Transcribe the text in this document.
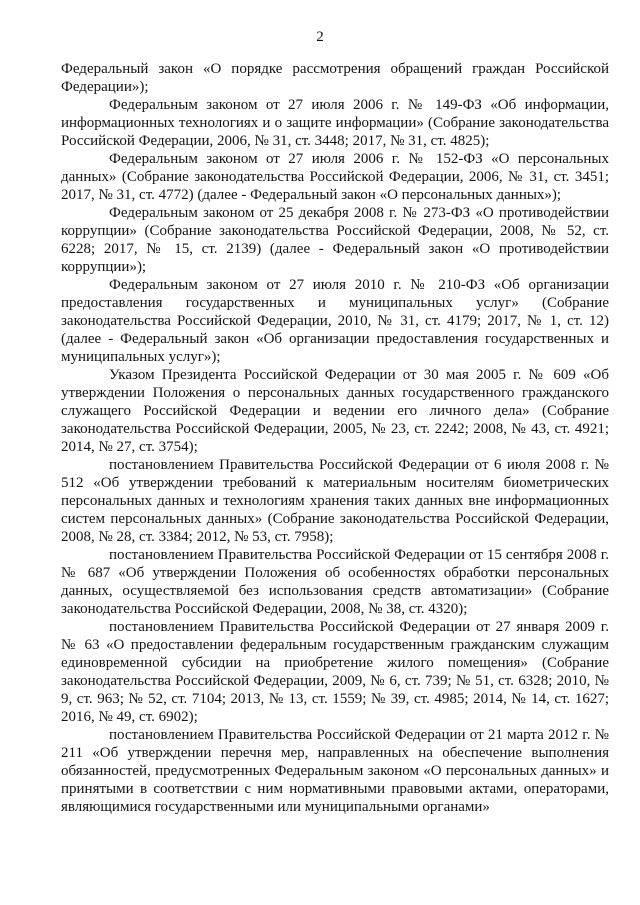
2

Федеральный закон «О порядке рассмотрения обращений граждан Российской Федерации»);

Федеральным законом от 27 июля 2006 г. № 149-ФЗ «Об информации, информационных технологиях и о защите информации» (Собрание законодательства Российской Федерации, 2006, № 31, ст. 3448; 2017, № 31, ст. 4825);

Федеральным законом от 27 июля 2006 г. № 152-ФЗ «О персональных данных» (Собрание законодательства Российской Федерации, 2006, № 31, ст. 3451; 2017, № 31, ст. 4772) (далее - Федеральный закон «О персональных данных»);

Федеральным законом от 25 декабря 2008 г. № 273-ФЗ «О противодействии коррупции» (Собрание законодательства Российской Федерации, 2008, № 52, ст. 6228; 2017, № 15, ст. 2139) (далее - Федеральный закон «О противодействии коррупции»);

Федеральным законом от 27 июля 2010 г. № 210-ФЗ «Об организации предоставления государственных и муниципальных услуг» (Собрание законодательства Российской Федерации, 2010, № 31, ст. 4179; 2017, № 1, ст. 12) (далее - Федеральный закон «Об организации предоставления государственных и муниципальных услуг»);

Указом Президента Российской Федерации от 30 мая 2005 г. № 609 «Об утверждении Положения о персональных данных государственного гражданского служащего Российской Федерации и ведении его личного дела» (Собрание законодательства Российской Федерации, 2005, № 23, ст. 2242; 2008, № 43, ст. 4921; 2014, № 27, ст. 3754);

постановлением Правительства Российской Федерации от 6 июля 2008 г. № 512 «Об утверждении требований к материальным носителям биометрических персональных данных и технологиям хранения таких данных вне информационных систем персональных данных» (Собрание законодательства Российской Федерации, 2008, № 28, ст. 3384; 2012, № 53, ст. 7958);

постановлением Правительства Российской Федерации от 15 сентября 2008 г. № 687 «Об утверждении Положения об особенностях обработки персональных данных, осуществляемой без использования средств автоматизации» (Собрание законодательства Российской Федерации, 2008, № 38, ст. 4320);

постановлением Правительства Российской Федерации от 27 января 2009 г. № 63 «О предоставлении федеральным государственным гражданским служащим единовременной субсидии на приобретение жилого помещения» (Собрание законодательства Российской Федерации, 2009, № 6, ст. 739; № 51, ст. 6328; 2010, № 9, ст. 963; № 52, ст. 7104; 2013, № 13, ст. 1559; № 39, ст. 4985; 2014, № 14, ст. 1627; 2016, № 49, ст. 6902);

постановлением Правительства Российской Федерации от 21 марта 2012 г. № 211 «Об утверждении перечня мер, направленных на обеспечение выполнения обязанностей, предусмотренных Федеральным законом «О персональных данных» и принятыми в соответствии с ним нормативными правовыми актами, операторами, являющимися государственными или муниципальными органами»
